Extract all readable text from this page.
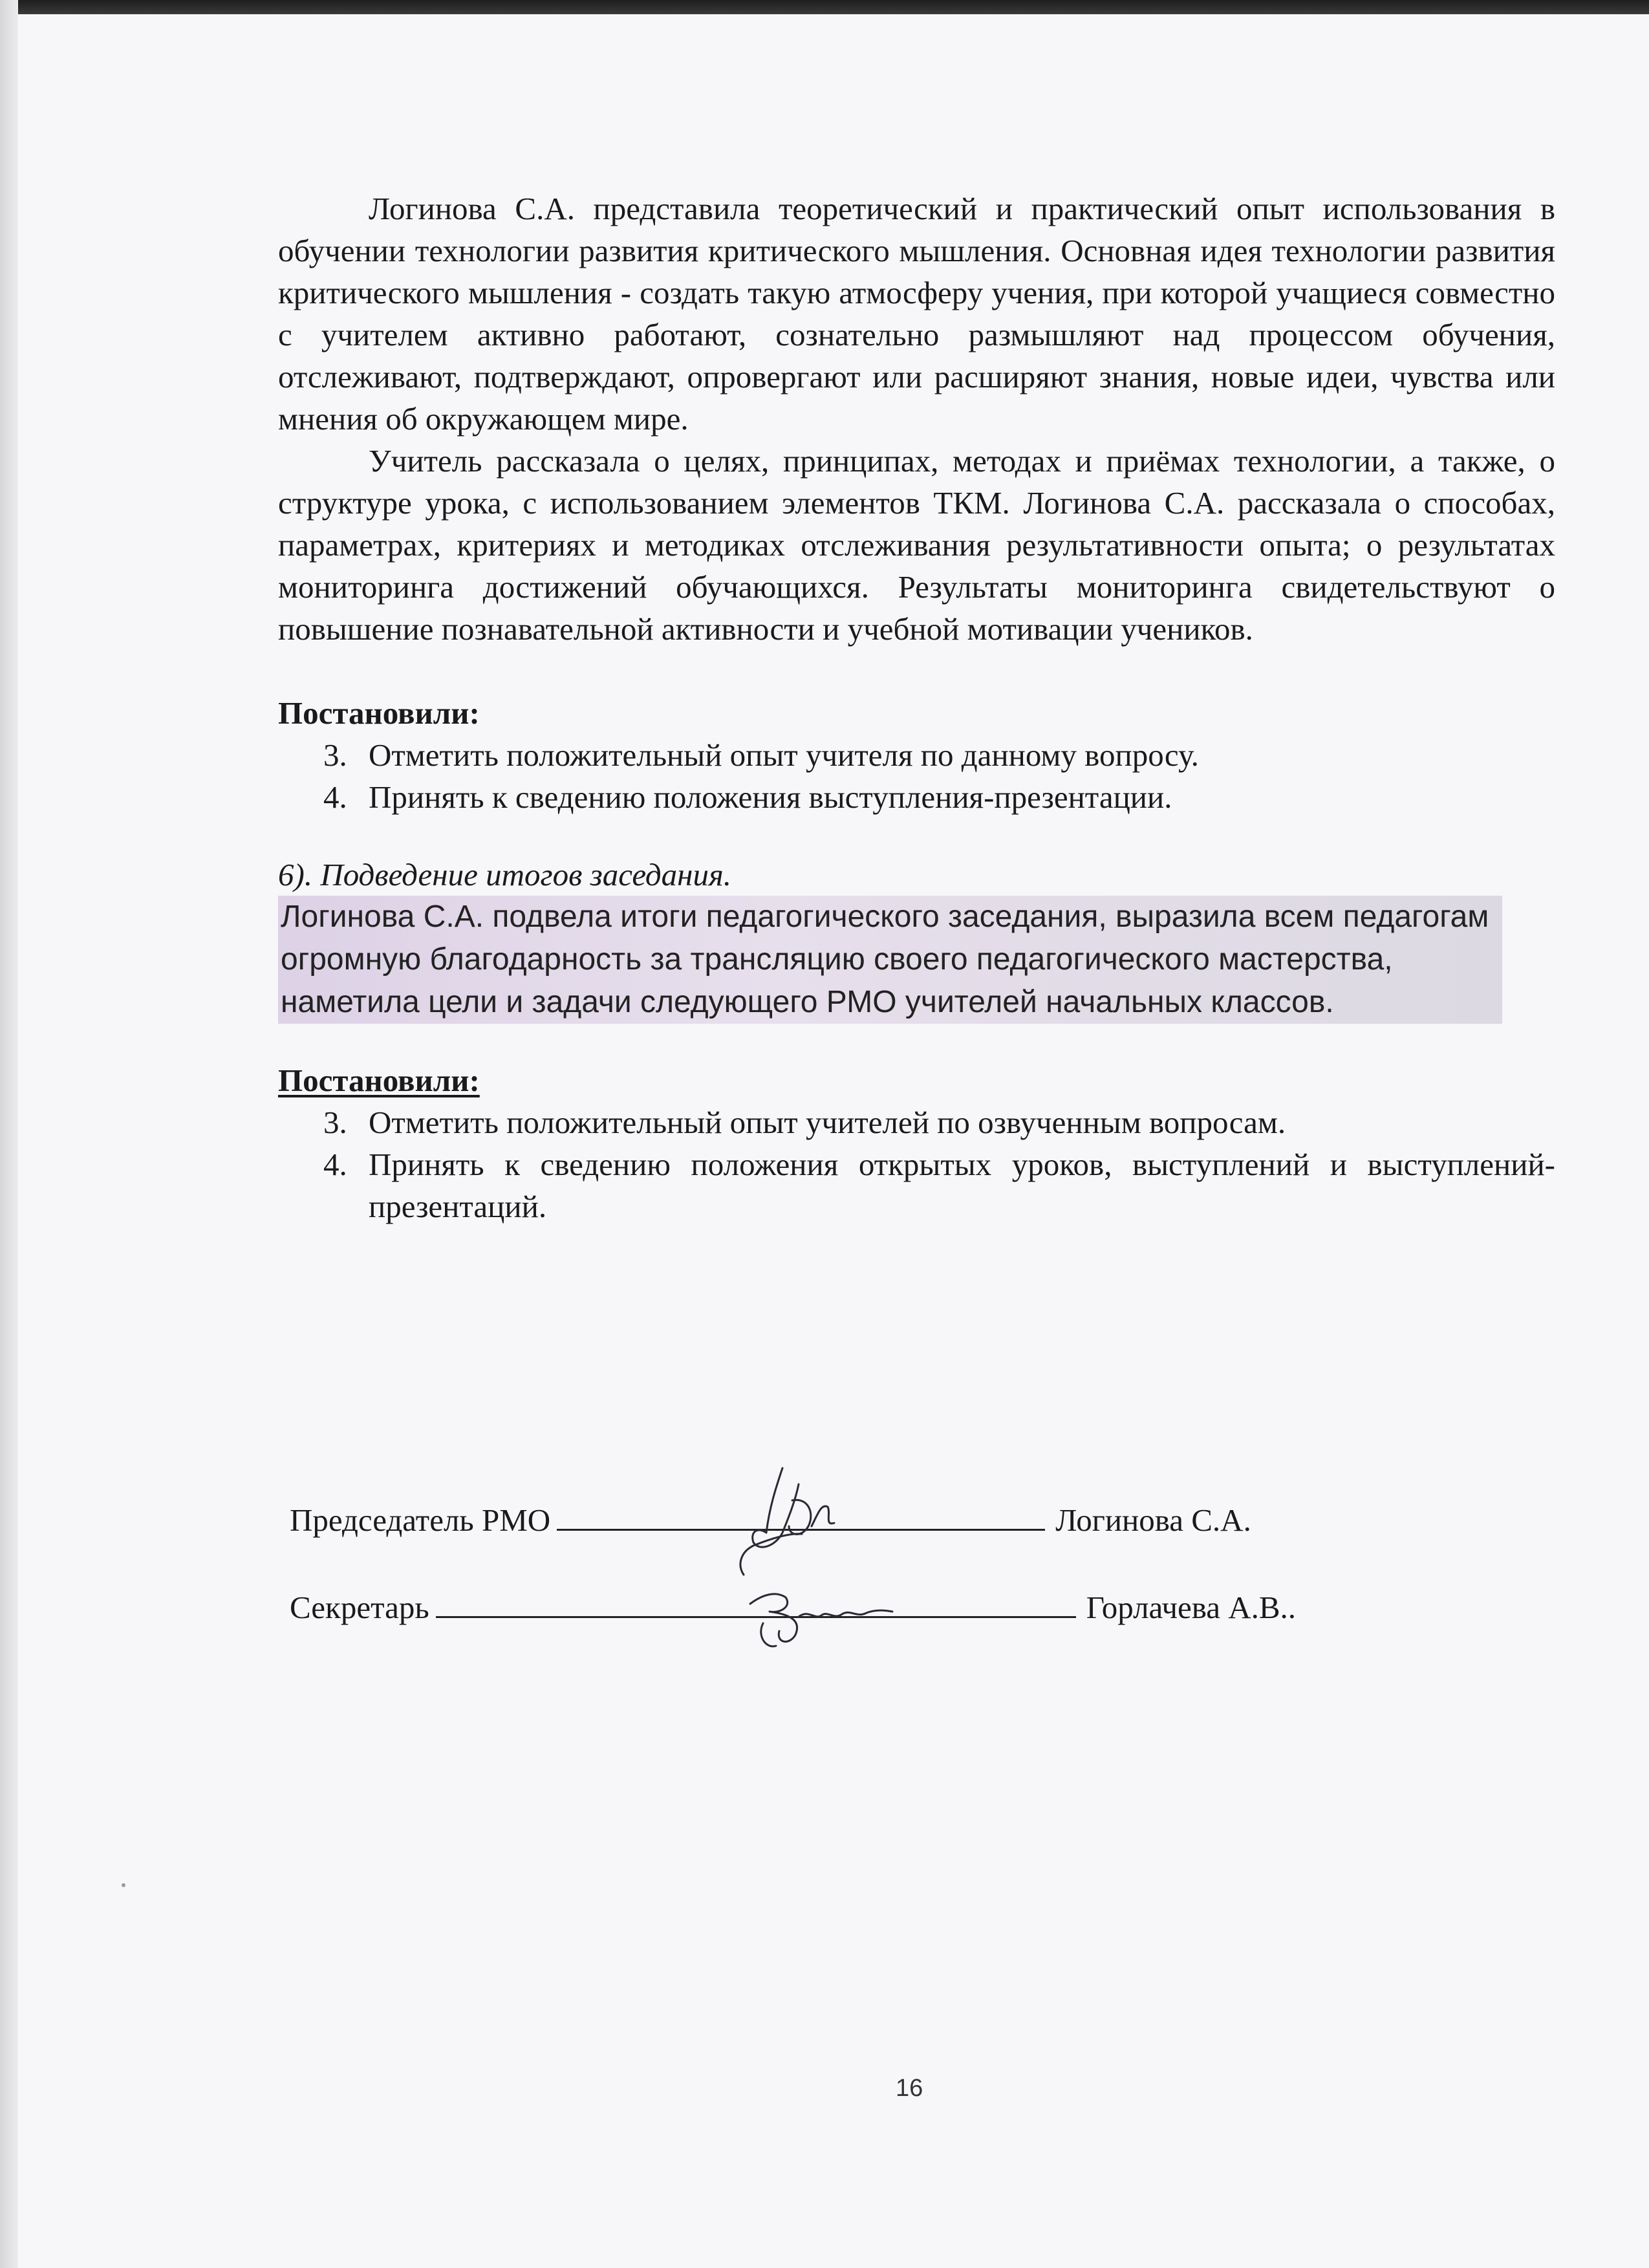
Логинова С.А. представила теоретический и практический опыт использования в обучении технологии развития критического мышления. Основная идея технологии развития критического мышления - создать такую атмосферу учения, при которой учащиеся совместно с учителем активно работают, сознательно размышляют над процессом обучения, отслеживают, подтверждают, опровергают или расширяют знания, новые идеи, чувства или мнения об окружающем мире.

Учитель рассказала о целях, принципах, методах и приёмах технологии, а также, о структуре урока, с использованием элементов ТКМ. Логинова С.А. рассказала о способах, параметрах, критериях и методиках отслеживания результативности опыта; о результатах мониторинга достижений обучающихся. Результаты мониторинга свидетельствуют о повышение познавательной активности и учебной мотивации учеников.

Постановили:

3. Отметить положительный опыт учителя по данному вопросу.
4. Принять к сведению положения выступления-презентации.

6). Подведение итогов заседания.

Логинова С.А. подвела итоги педагогического заседания, выразила всем педагогам огромную благодарность за трансляцию своего педагогического мастерства, наметила цели и задачи следующего РМО учителей начальных классов.

Постановили:

3. Отметить положительный опыт учителей по озвученным вопросам.
4. Принять к сведению положения открытых уроков, выступлений и выступлений-презентаций.
Председатель РМО	Логинова С.А.
Секретарь	Горлачева А.В..
16
